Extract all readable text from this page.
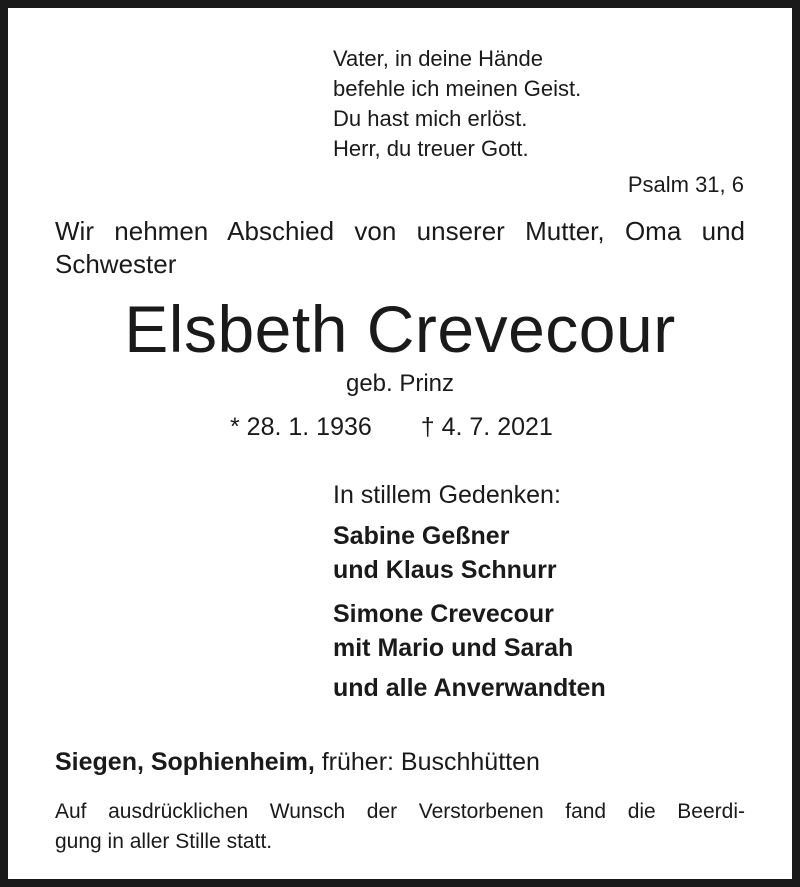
Vater, in deine Hände
befehle ich meinen Geist.
Du hast mich erlöst.
Herr, du treuer Gott.
Psalm 31, 6
Wir nehmen Abschied von unserer Mutter, Oma und
Schwester
Elsbeth Crevecour
geb. Prinz
* 28. 1. 1936 † 4. 7. 2021
In stillem Gedenken:
Sabine Geßner
und Klaus Schnurr
Simone Crevecour
mit Mario und Sarah
und alle Anverwandten
Siegen, Sophienheim, früher: Buschhütten
Auf ausdrücklichen Wunsch der Verstorbenen fand die Beerdi-
gung in aller Stille statt.
